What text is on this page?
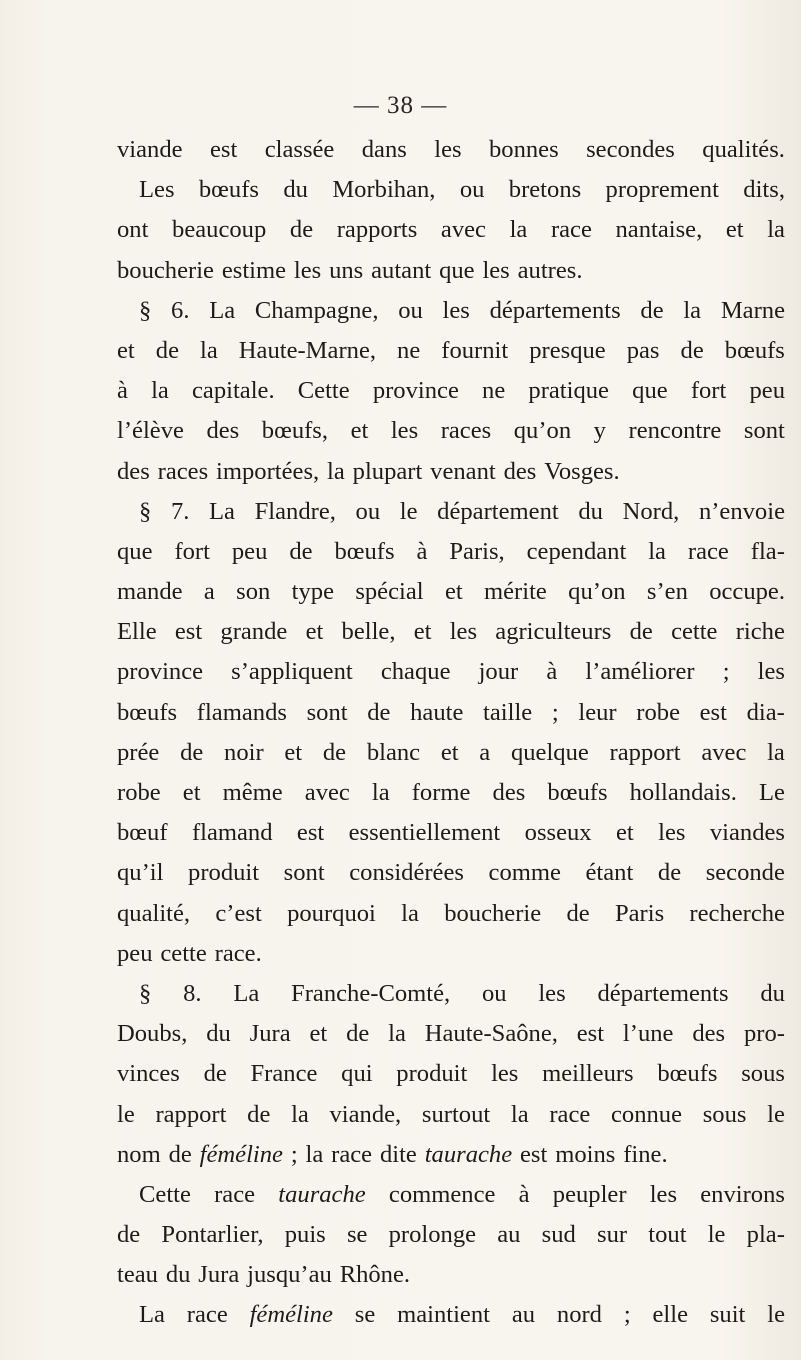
— 38 —
viande est classée dans les bonnes secondes qualités.
Les bœufs du Morbihan, ou bretons proprement dits,
ont beaucoup de rapports avec la race nantaise, et la
boucherie estime les uns autant que les autres.
§ 6. La Champagne, ou les départements de la Marne
et de la Haute-Marne, ne fournit presque pas de bœufs
à la capitale. Cette province ne pratique que fort peu
l’élève des bœufs, et les races qu’on y rencontre sont
des races importées, la plupart venant des Vosges.
§ 7. La Flandre, ou le département du Nord, n’envoie
que fort peu de bœufs à Paris, cependant la race fla-
mande a son type spécial et mérite qu’on s’en occupe.
Elle est grande et belle, et les agriculteurs de cette riche
province s’appliquent chaque jour à l’améliorer ; les
bœufs flamands sont de haute taille ; leur robe est dia-
prée de noir et de blanc et a quelque rapport avec la
robe et même avec la forme des bœufs hollandais. Le
bœuf flamand est essentiellement osseux et les viandes
qu’il produit sont considérées comme étant de seconde
qualité, c’est pourquoi la boucherie de Paris recherche
peu cette race.
§ 8. La Franche-Comté, ou les départements du
Doubs, du Jura et de la Haute-Saône, est l’une des pro-
vinces de France qui produit les meilleurs bœufs sous
le rapport de la viande, surtout la race connue sous le
nom de féméline ; la race dite taurache est moins fine.
Cette race taurache commence à peupler les environs
de Pontarlier, puis se prolonge au sud sur tout le pla-
teau du Jura jusqu’au Rhône.
La race féméline se maintient au nord ; elle suit le
